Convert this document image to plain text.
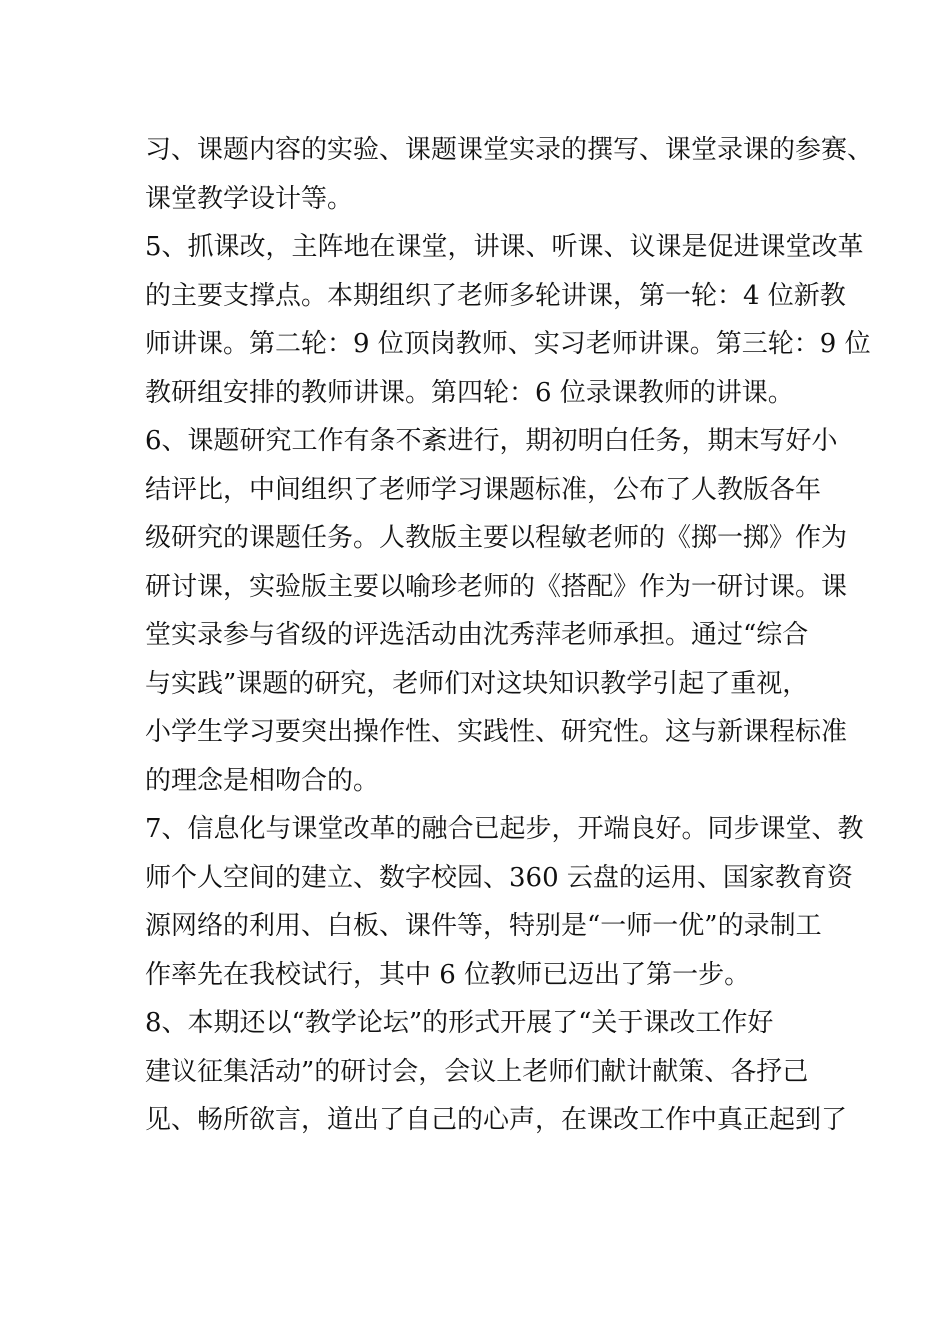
习、课题内容的实验、课题课堂实录的撰写、课堂录课的参赛、
课堂教学设计等。

5、抓课改，主阵地在课堂，讲课、听课、议课是促进课堂改革
的主要支撑点。本期组织了老师多轮讲课，第一轮：4 位新教
师讲课。第二轮：9 位顶岗教师、实习老师讲课。第三轮：9 位
教研组安排的教师讲课。第四轮：6 位录课教师的讲课。

6、课题研究工作有条不紊进行，期初明白任务，期末写好小
结评比，中间组织了老师学习课题标准，公布了人教版各年
级研究的课题任务。人教版主要以程敏老师的《掷一掷》作为
研讨课，实验版主要以喻珍老师的《搭配》作为一研讨课。课
堂实录参与省级的评选活动由沈秀萍老师承担。通过“综合
与实践”课题的研究，老师们对这块知识教学引起了重视，
小学生学习要突出操作性、实践性、研究性。这与新课程标准
的理念是相吻合的。

7、信息化与课堂改革的融合已起步，开端良好。同步课堂、教
师个人空间的建立、数字校园、360 云盘的运用、国家教育资
源网络的利用、白板、课件等，特别是“一师一优”的录制工
作率先在我校试行，其中 6 位教师已迈出了第一步。

8、本期还以“教学论坛”的形式开展了“关于课改工作好
建议征集活动”的研讨会，会议上老师们献计献策、各抒己
见、畅所欲言，道出了自己的心声，在课改工作中真正起到了
